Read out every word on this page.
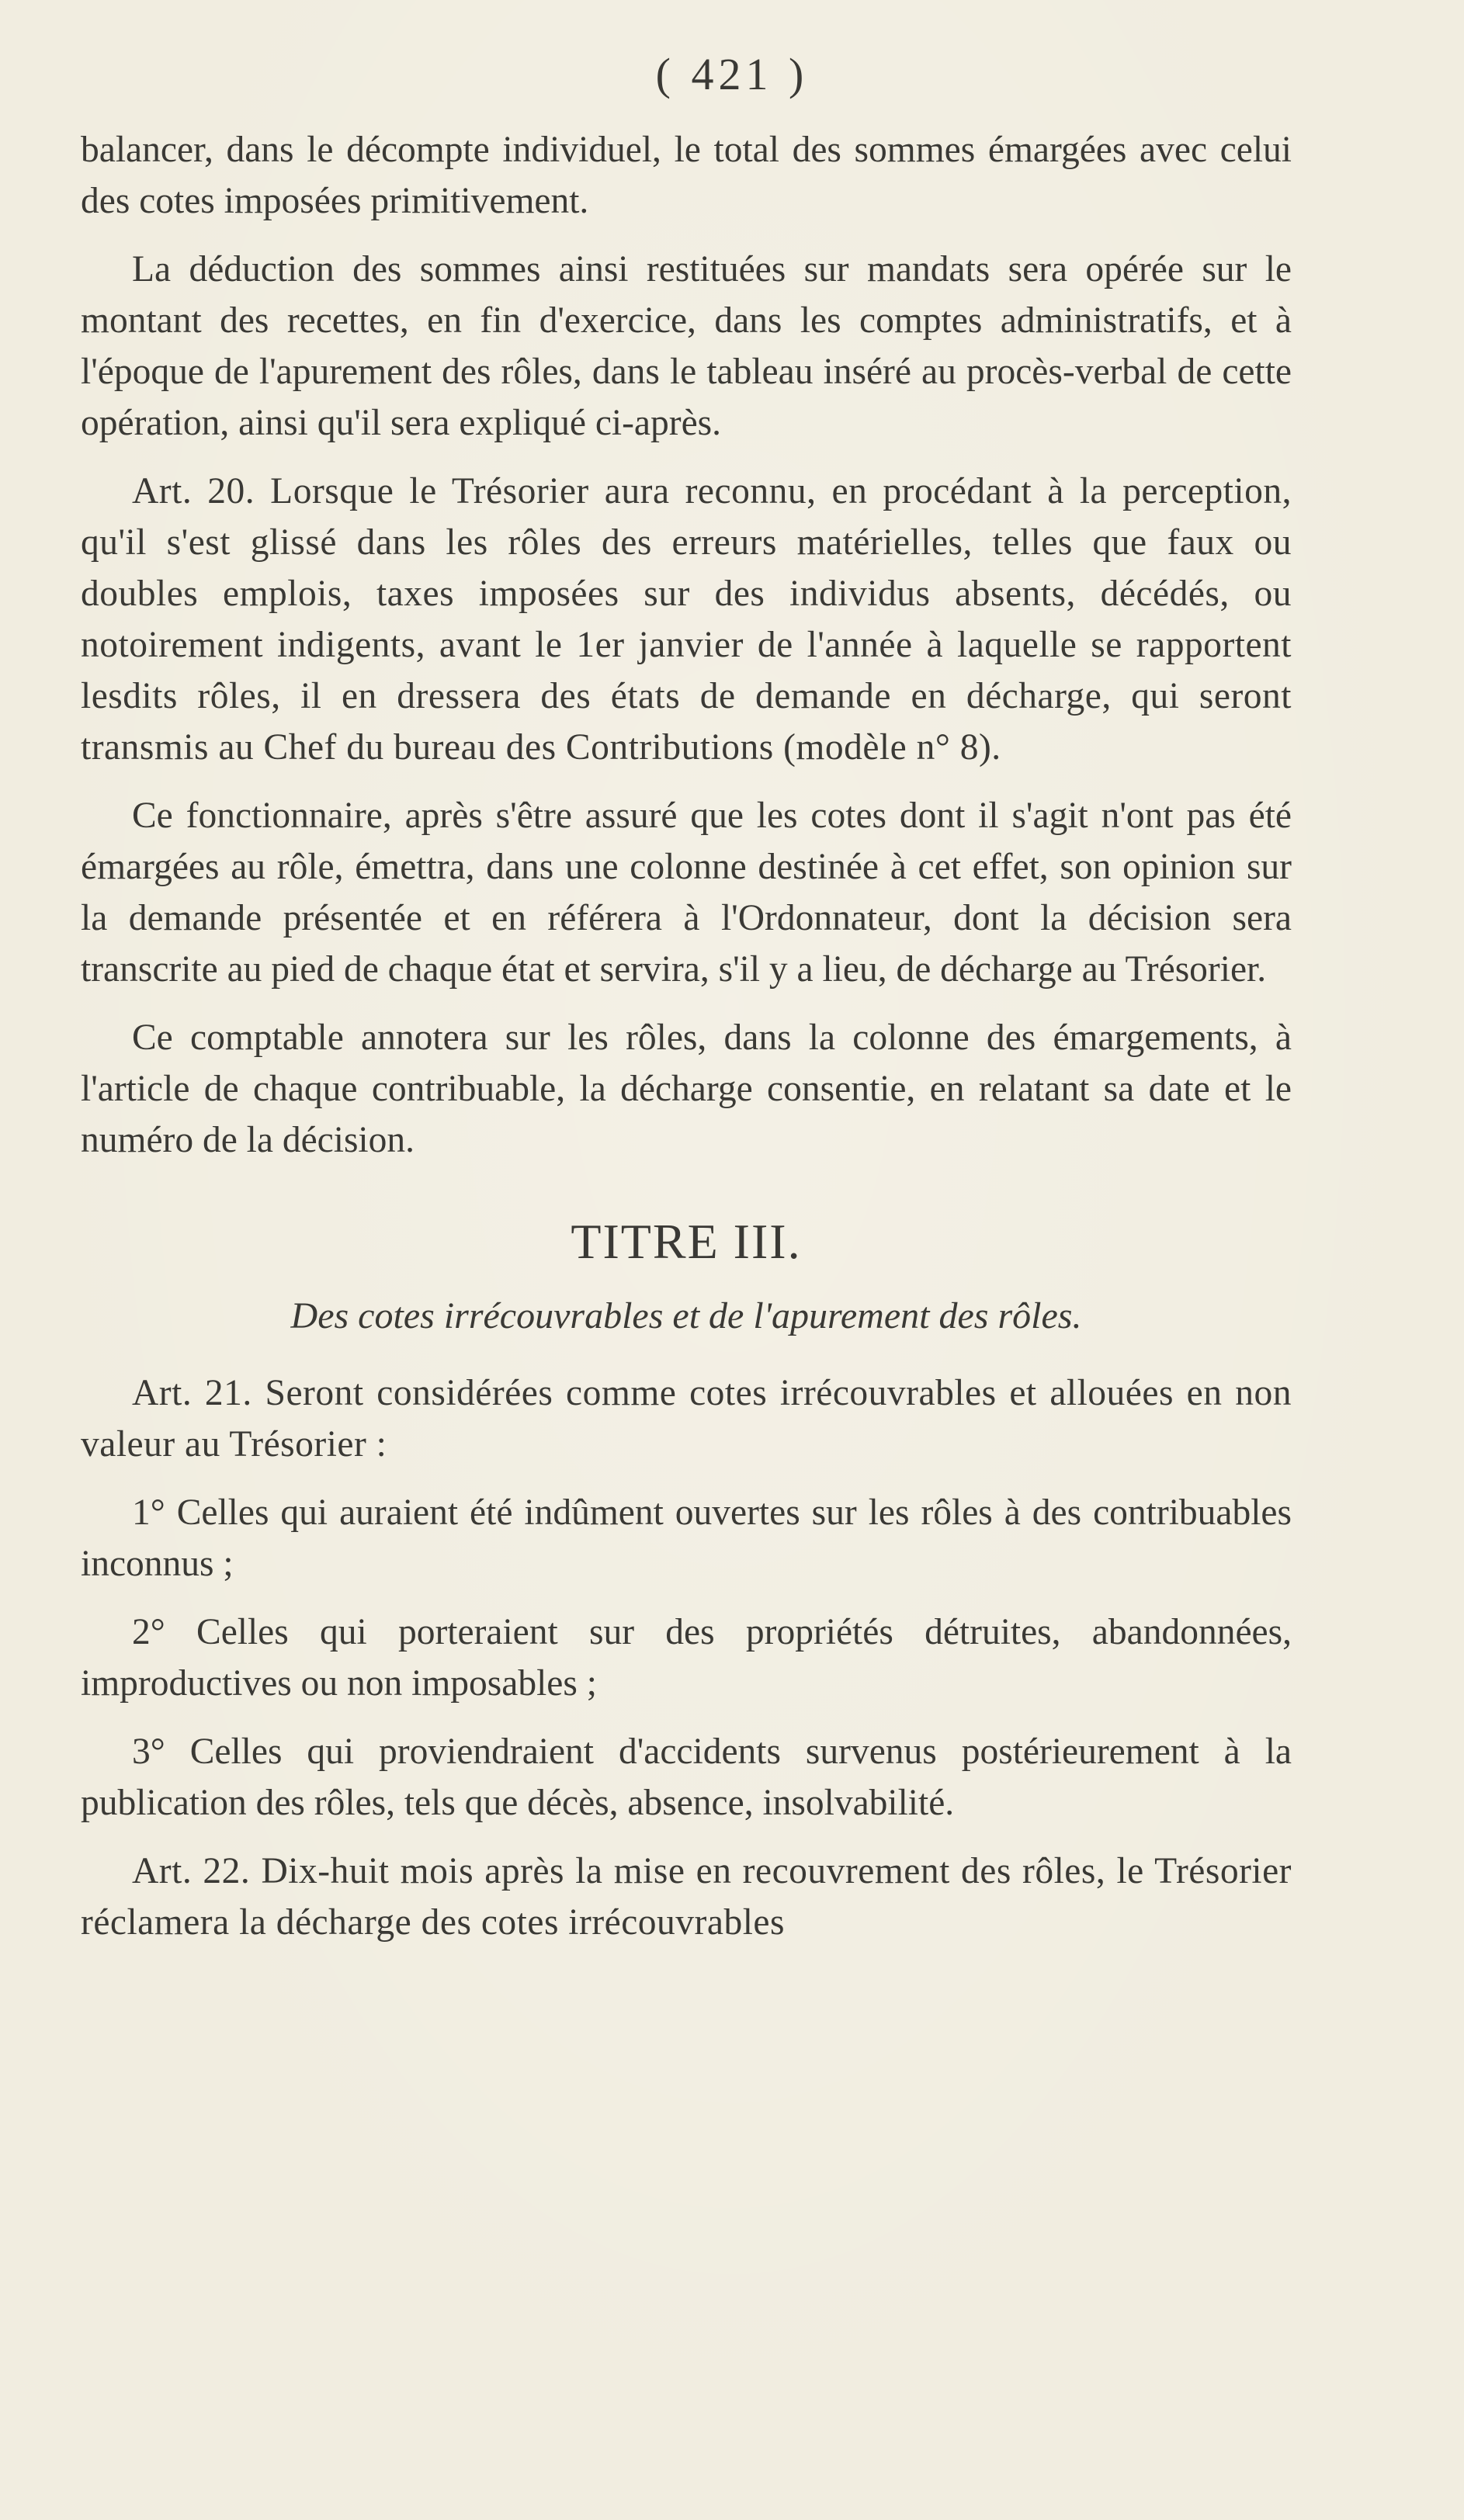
( 421 )

balancer, dans le décompte individuel, le total des sommes émargées avec celui des cotes imposées primitivement.

La déduction des sommes ainsi restituées sur mandats sera opérée sur le montant des recettes, en fin d'exercice, dans les comptes administratifs, et à l'époque de l'apurement des rôles, dans le tableau inséré au procès-verbal de cette opération, ainsi qu'il sera expliqué ci-après.

Art. 20. Lorsque le Trésorier aura reconnu, en procédant à la perception, qu'il s'est glissé dans les rôles des erreurs matérielles, telles que faux ou doubles emplois, taxes imposées sur des individus absents, décédés, ou notoirement indigents, avant le 1er janvier de l'année à laquelle se rapportent lesdits rôles, il en dressera des états de demande en décharge, qui seront transmis au Chef du bureau des Contributions (modèle n° 8).

Ce fonctionnaire, après s'être assuré que les cotes dont il s'agit n'ont pas été émargées au rôle, émettra, dans une colonne destinée à cet effet, son opinion sur la demande présentée et en référera à l'Ordonnateur, dont la décision sera transcrite au pied de chaque état et servira, s'il y a lieu, de décharge au Trésorier.

Ce comptable annotera sur les rôles, dans la colonne des émargements, à l'article de chaque contribuable, la décharge consentie, en relatant sa date et le numéro de la décision.

TITRE III.
Des cotes irrécouvrables et de l'apurement des rôles.

Art. 21. Seront considérées comme cotes irrécouvrables et allouées en non valeur au Trésorier :

1° Celles qui auraient été indûment ouvertes sur les rôles à des contribuables inconnus ;

2° Celles qui porteraient sur des propriétés détruites, abandonnées, improductives ou non imposables ;

3° Celles qui proviendraient d'accidents survenus postérieurement à la publication des rôles, tels que décès, absence, insolvabilité.

Art. 22. Dix-huit mois après la mise en recouvrement des rôles, le Trésorier réclamera la décharge des cotes irrécouvrables
